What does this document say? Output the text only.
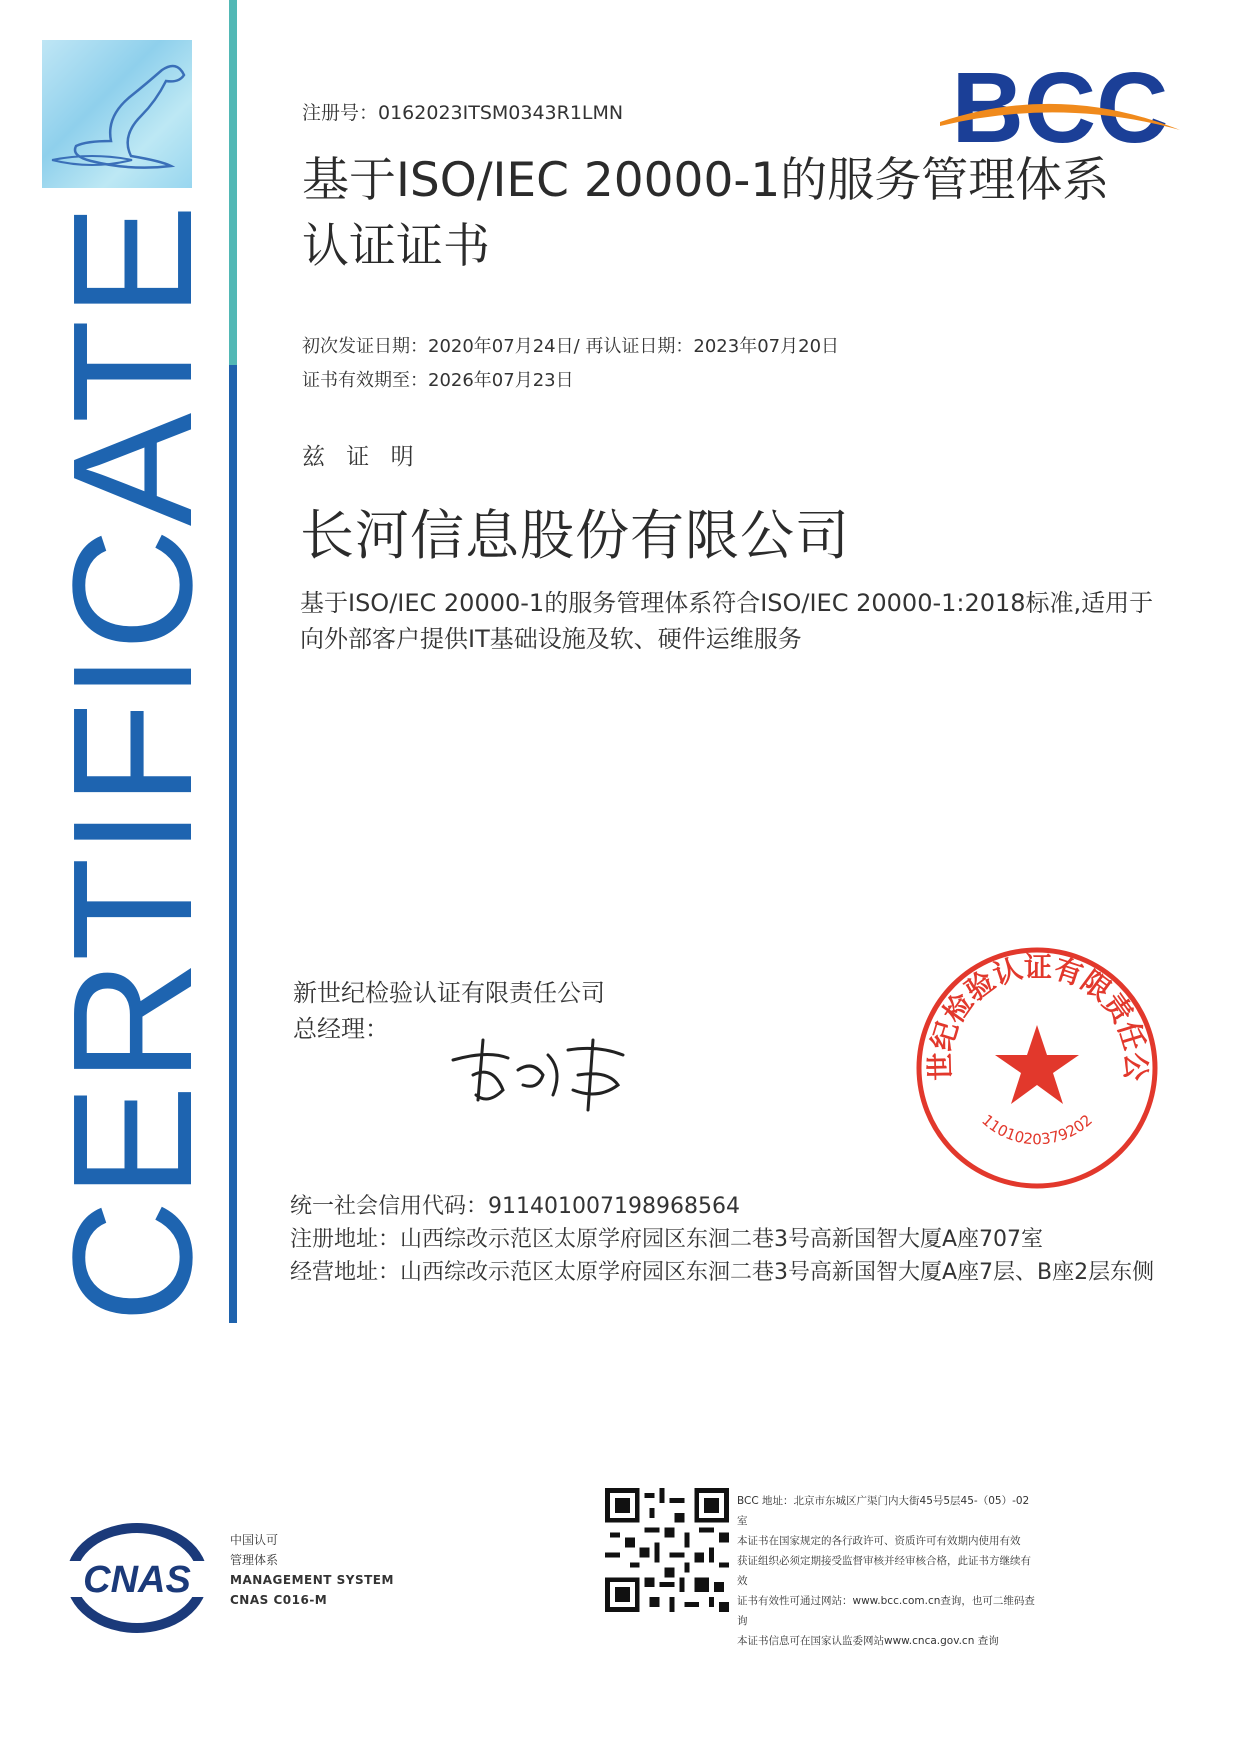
CERTIFICATE
注册号：0162023ITSM0343R1LMN	BCC
基于ISO/IEC 20000-1的服务管理体系
认证证书
初次发证日期：2020年07月24日/ 再认证日期：2023年07月20日
证书有效期至：2026年07月23日
兹 证 明
长河信息股份有限公司
基于ISO/IEC 20000-1的服务管理体系符合ISO/IEC 20000-1:2018标准,适用于
向外部客户提供IT基础设施及软、硬件运维服务
新世纪检验认证有限责任公司
总经理：
世纪检验认证有限责任公
1101020379202
统一社会信用代码：911401007198968564
注册地址：山西综改示范区太原学府园区东洄二巷3号高新国智大厦A座707室
经营地址：山西综改示范区太原学府园区东洄二巷3号高新国智大厦A座7层、B座2层东侧
CNAS
中国认可
管理体系
MANAGEMENT SYSTEM
CNAS C016-M
BCC 地址：北京市东城区广渠门内大街45号5层45-（05）-02室
本证书在国家规定的各行政许可、资质许可有效期内使用有效
获证组织必须定期接受监督审核并经审核合格，此证书方继续有效
证书有效性可通过网站：www.bcc.com.cn查询，也可二维码查询
本证书信息可在国家认监委网站www.cnca.gov.cn 查询
